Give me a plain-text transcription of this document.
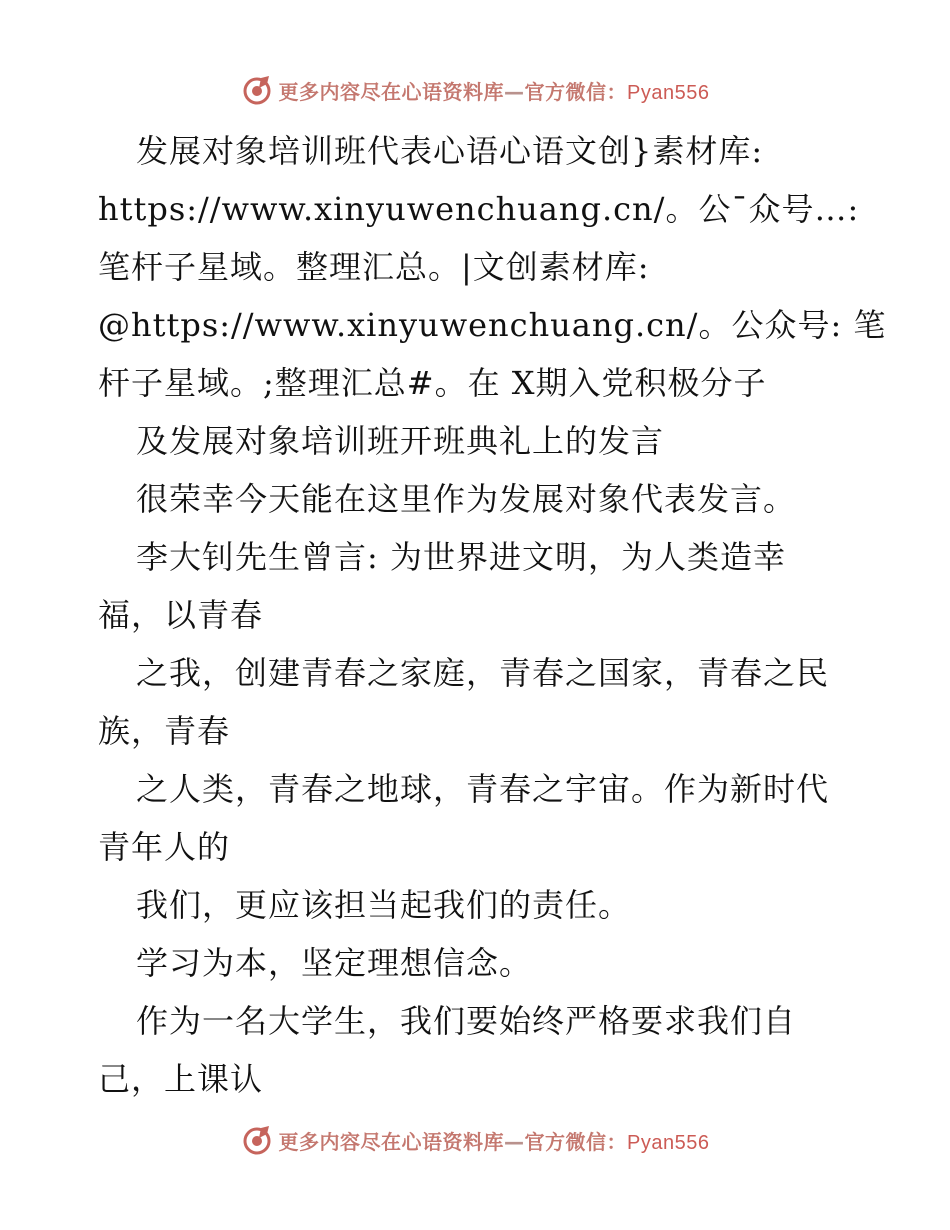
更多内容尽在心语资料库—官方微信：Pyan556
发展对象培训班代表心语心语文创}素材库:
https://www.xinyuwenchuang.cn/。公¯众号…:
笔杆子星域。整理汇总。|文创素材库:
@https://www.xinyuwenchuang.cn/。公众号: 笔
杆子星域。;整理汇总#。在 X期入党积极分子
及发展对象培训班开班典礼上的发言
很荣幸今天能在这里作为发展对象代表发言。
李大钊先生曾言: 为世界进文明，为人类造幸
福，以青春
之我，创建青春之家庭，青春之国家，青春之民
族，青春
之人类，青春之地球，青春之宇宙。作为新时代
青年人的
我们，更应该担当起我们的责任。
学习为本，坚定理想信念。
作为一名大学生，我们要始终严格要求我们自
己，上课认
更多内容尽在心语资料库—官方微信：Pyan556
